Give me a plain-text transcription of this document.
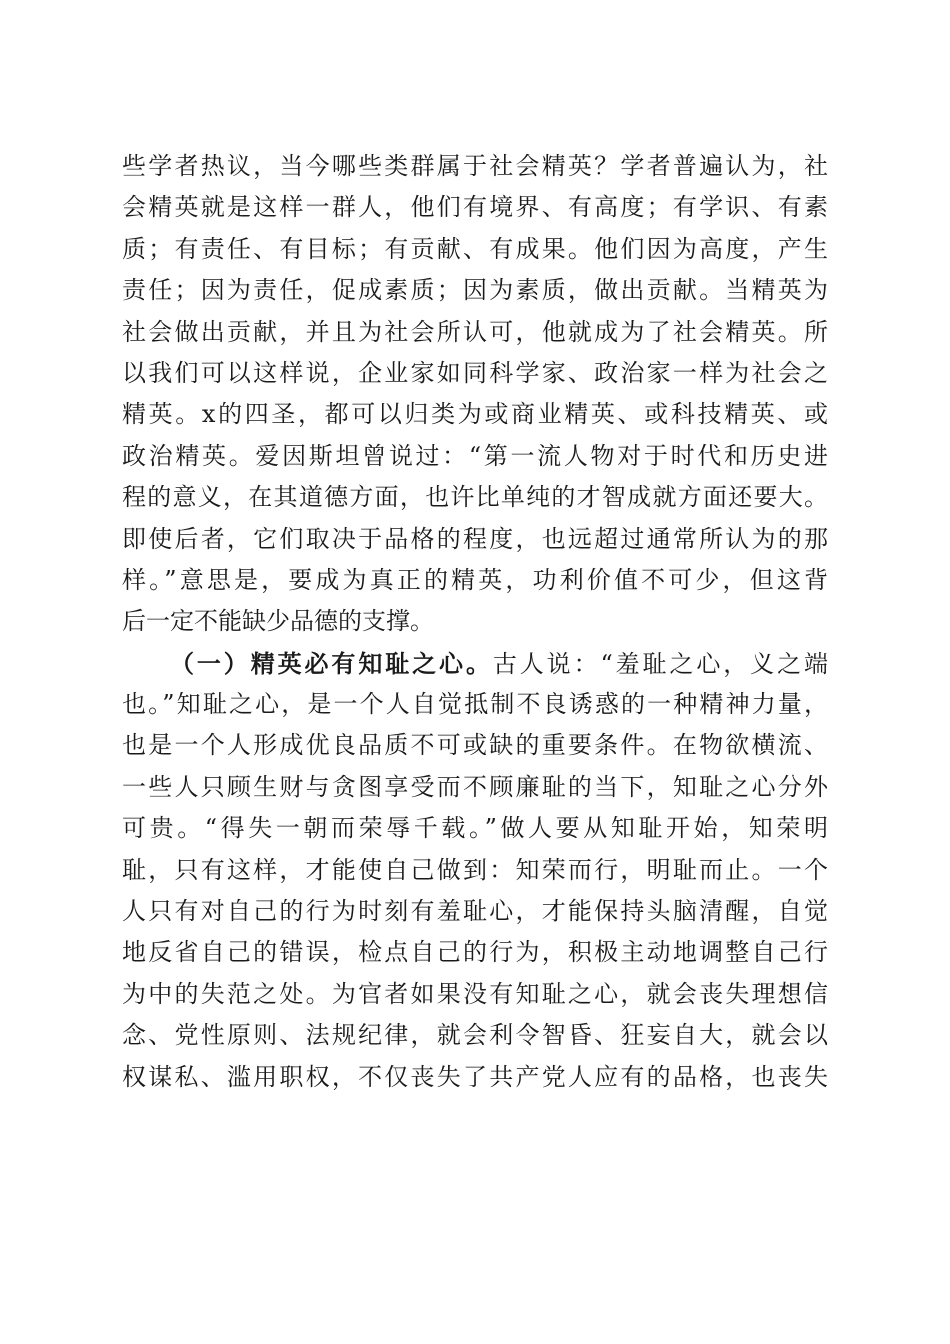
些学者热议，当今哪些类群属于社会精英？学者普遍认为，社
会精英就是这样一群人，他们有境界、有高度；有学识、有素
质；有责任、有目标；有贡献、有成果。他们因为高度，产生
责任；因为责任，促成素质；因为素质，做出贡献。当精英为
社会做出贡献，并且为社会所认可，他就成为了社会精英。所
以我们可以这样说，企业家如同科学家、政治家一样为社会之
精英。x的四圣，都可以归类为或商业精英、或科技精英、或
政治精英。爱因斯坦曾说过：“第一流人物对于时代和历史进
程的意义，在其道德方面，也许比单纯的才智成就方面还要大。
即使后者，它们取决于品格的程度，也远超过通常所认为的那
样。”意思是，要成为真正的精英，功利价值不可少，但这背
后一定不能缺少品德的支撑。
（一）精英必有知耻之心。古人说：“羞耻之心，义之端
也。”知耻之心，是一个人自觉抵制不良诱惑的一种精神力量，
也是一个人形成优良品质不可或缺的重要条件。在物欲横流、
一些人只顾生财与贪图享受而不顾廉耻的当下，知耻之心分外
可贵。“得失一朝而荣辱千载。”做人要从知耻开始，知荣明
耻，只有这样，才能使自己做到：知荣而行，明耻而止。一个
人只有对自己的行为时刻有羞耻心，才能保持头脑清醒，自觉
地反省自己的错误，检点自己的行为，积极主动地调整自己行
为中的失范之处。为官者如果没有知耻之心，就会丧失理想信
念、党性原则、法规纪律，就会利令智昏、狂妄自大，就会以
权谋私、滥用职权，不仅丧失了共产党人应有的品格，也丧失
